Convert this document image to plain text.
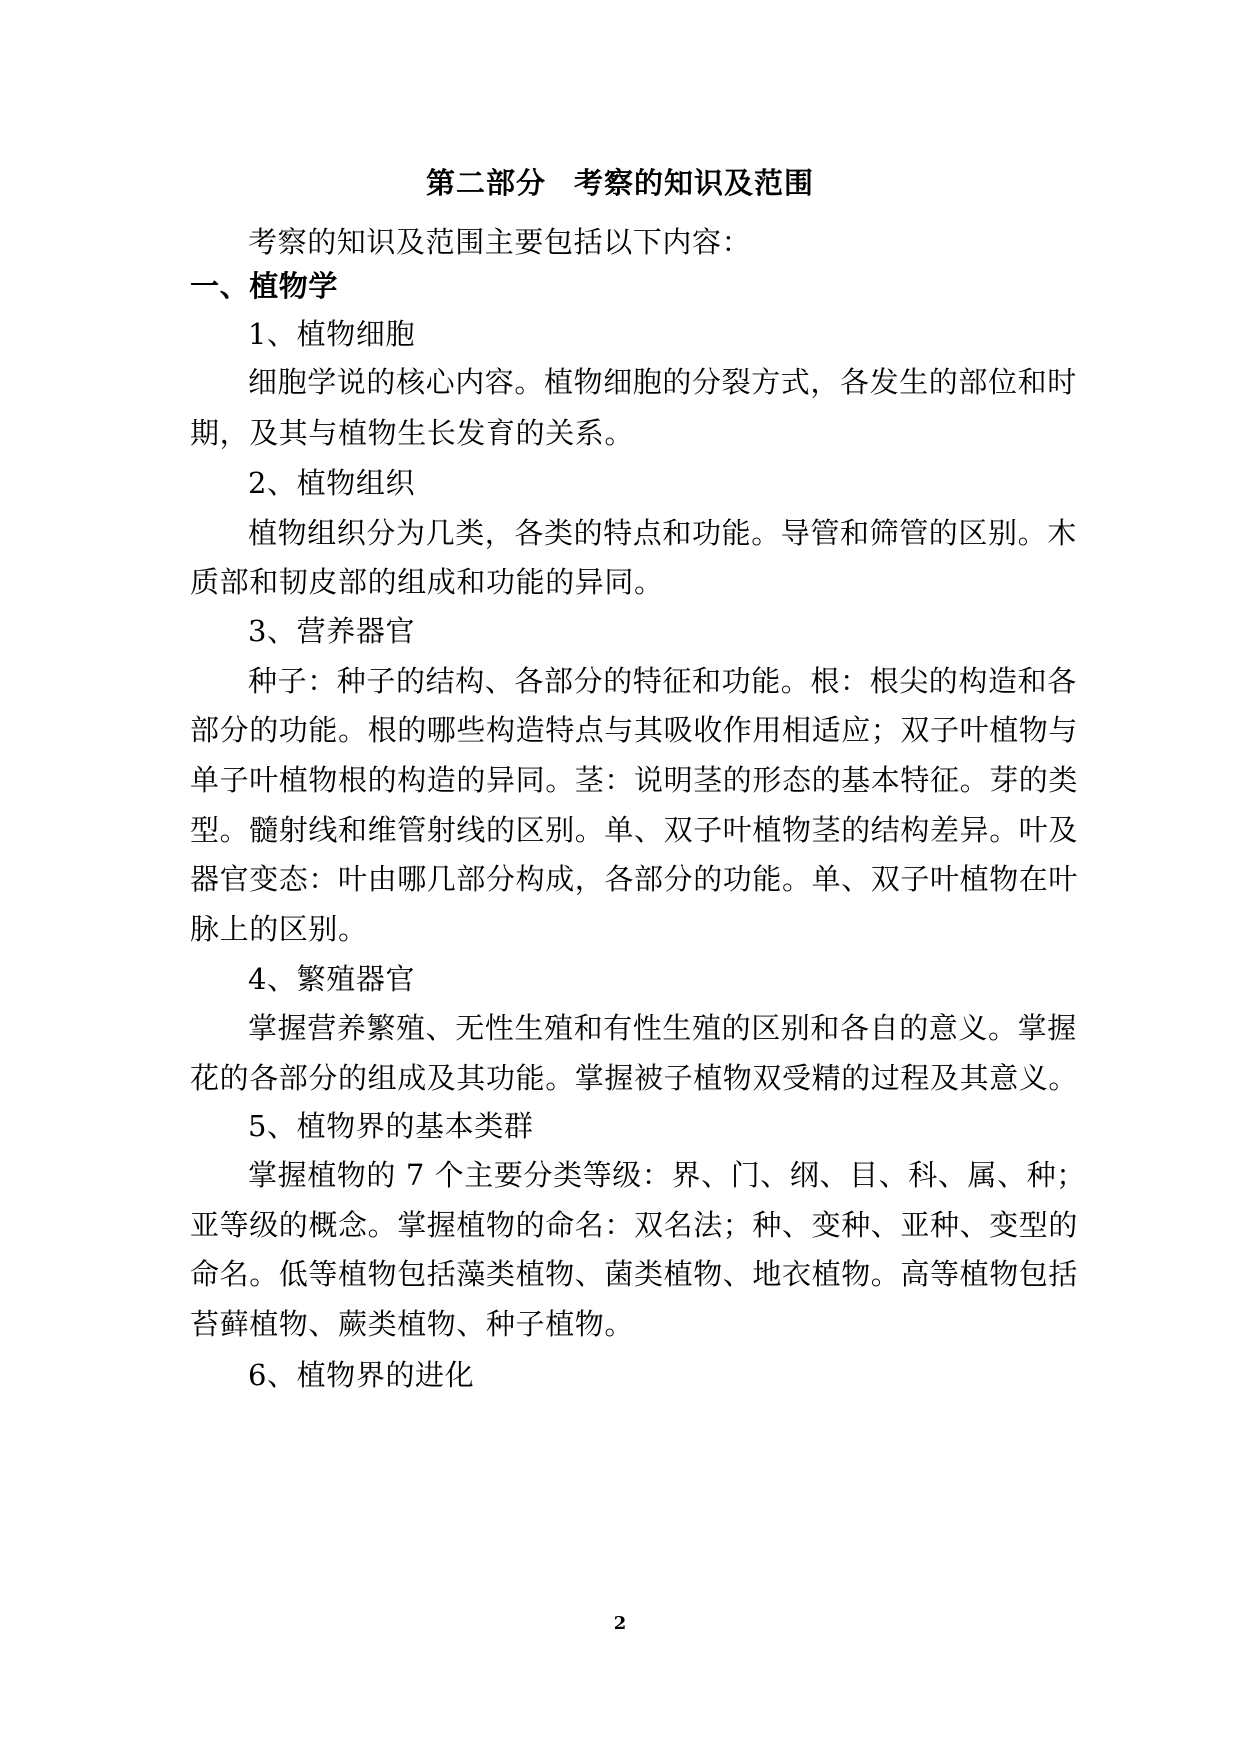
第二部分 考察的知识及范围
考察的知识及范围主要包括以下内容：
一、植物学
1、植物细胞
细胞学说的核心内容。植物细胞的分裂方式，各发生的部位和时
期，及其与植物生长发育的关系。
2、植物组织
植物组织分为几类，各类的特点和功能。导管和筛管的区别。木
质部和韧皮部的组成和功能的异同。
3、营养器官
种子：种子的结构、各部分的特征和功能。根：根尖的构造和各
部分的功能。根的哪些构造特点与其吸收作用相适应；双子叶植物与
单子叶植物根的构造的异同。茎：说明茎的形态的基本特征。芽的类
型。髓射线和维管射线的区别。单、双子叶植物茎的结构差异。叶及
器官变态：叶由哪几部分构成，各部分的功能。单、双子叶植物在叶
脉上的区别。
4、繁殖器官
掌握营养繁殖、无性生殖和有性生殖的区别和各自的意义。掌握
花的各部分的组成及其功能。掌握被子植物双受精的过程及其意义。
5、植物界的基本类群
掌握植物的 7 个主要分类等级：界、门、纲、目、科、属、种；
亚等级的概念。掌握植物的命名：双名法；种、变种、亚种、变型的
命名。低等植物包括藻类植物、菌类植物、地衣植物。高等植物包括
苔藓植物、蕨类植物、种子植物。
6、植物界的进化
2
